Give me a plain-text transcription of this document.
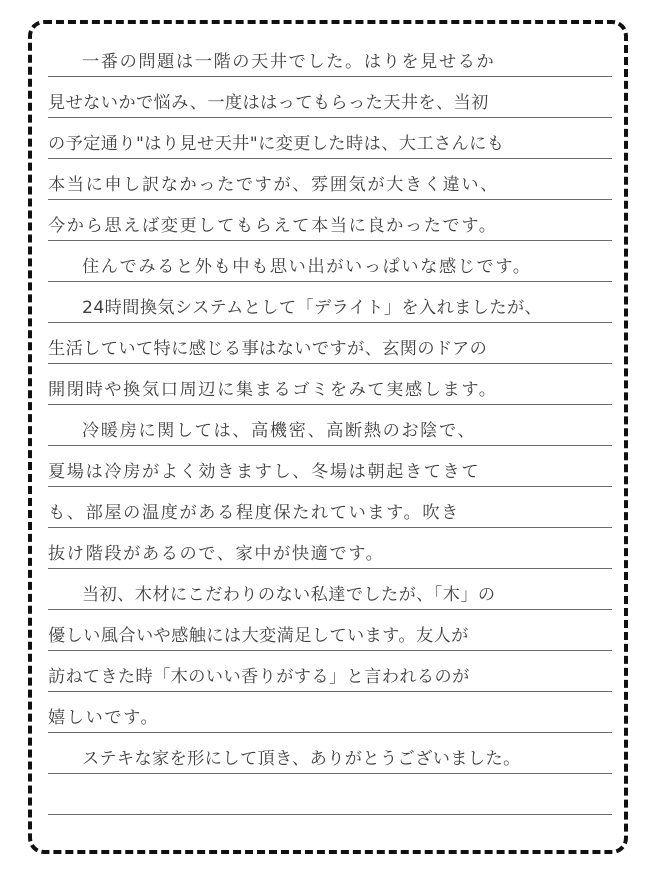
一番の問題は一階の天井でした。はりを見せるか
見せないかで悩み、一度ははってもらった天井を、当初
の予定通り"はり見せ天井"に変更した時は、大工さんにも
本当に申し訳なかったですが、雰囲気が大きく違い、
今から思えば変更してもらえて本当に良かったです。
住んでみると外も中も思い出がいっぱいな感じです。
24時間換気システムとして「デライト」を入れましたが、
生活していて特に感じる事はないですが、玄関のドアの
開閉時や換気口周辺に集まるゴミをみて実感します。
冷暖房に関しては、高機密、高断熱のお陰で、
夏場は冷房がよく効きますし、冬場は朝起きてきて
も、部屋の温度がある程度保たれています。吹き
抜け階段があるので、家中が快適です。
当初、木材にこだわりのない私達でしたが、「木」の
優しい風合いや感触には大変満足しています。友人が
訪ねてきた時「木のいい香りがする」と言われるのが
嬉しいです。
ステキな家を形にして頂き、ありがとうございました。
